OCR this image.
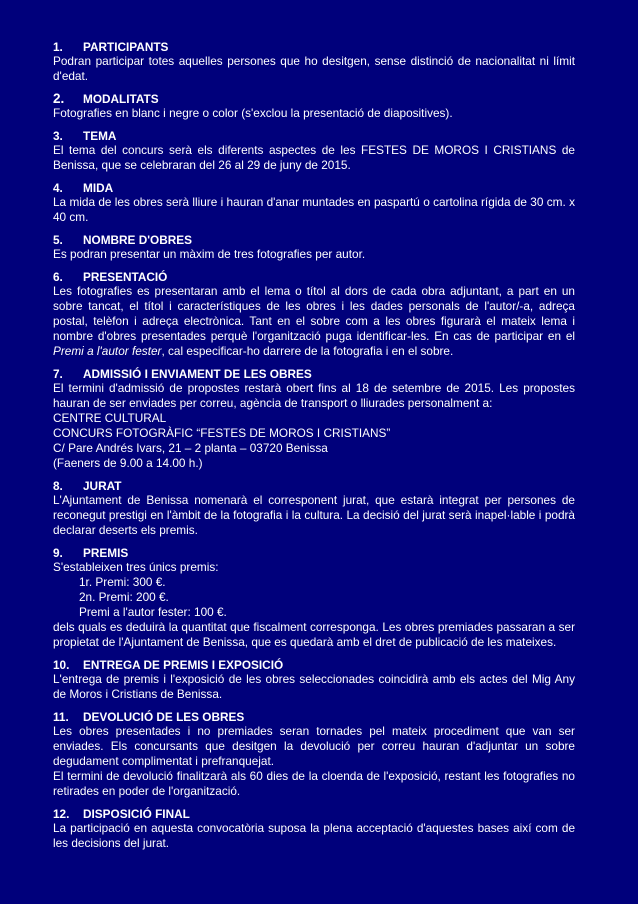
1.	PARTICIPANTS
Podran participar totes aquelles persones que ho desitgen, sense distinció de nacionalitat ni límit d'edat.
2.	MODALITATS
Fotografies en blanc i negre o color (s'exclou la presentació de diapositives).
3.	TEMA
El tema del concurs serà els diferents aspectes de les FESTES DE MOROS I CRISTIANS de Benissa, que se celebraran del 26 al 29 de juny de 2015.
4.	MIDA
La mida de les obres serà lliure i hauran d'anar muntades en paspartú o cartolina rígida de 30 cm. x 40 cm.
5.	NOMBRE D'OBRES
Es podran presentar un màxim de tres fotografies per autor.
6.	PRESENTACIÓ
Les fotografies es presentaran amb el lema o títol al dors de cada obra adjuntant, a part en un sobre tancat, el títol i característiques de les obres i les dades personals de l'autor/-a, adreça postal, telèfon i adreça electrònica. Tant en el sobre com a les obres figurarà el mateix lema i nombre d'obres presentades perquè l'organització puga identificar-les. En cas de participar en el Premi a l'autor fester, cal especificar-ho darrere de la fotografia i en el sobre.
7.	ADMISSIÓ I ENVIAMENT DE LES OBRES
El termini d'admissió de propostes restarà obert fins al 18 de setembre de 2015. Les propostes hauran de ser enviades per correu, agència de transport o lliurades personalment a:
CENTRE CULTURAL
CONCURS FOTOGRÀFIC “FESTES DE MOROS I CRISTIANS”
C/ Pare Andrés Ivars, 21 – 2 planta – 03720 Benissa
(Faeners de 9.00 a 14.00 h.)
8.	JURAT
L'Ajuntament de Benissa nomenarà el corresponent jurat, que estarà integrat per persones de reconegut prestigi en l'àmbit de la fotografia i la cultura. La decisió del jurat serà inapel·lable i podrà declarar deserts els premis.
9.	PREMIS
S'estableixen tres únics premis:
1r. Premi: 300 €.
2n. Premi: 200 €.
Premi a l'autor fester: 100 €.
dels quals es deduirà la quantitat que fiscalment corresponga. Les obres premiades passaran a ser propietat de l'Ajuntament de Benissa, que es quedarà amb el dret de publicació de les mateixes.
10.	ENTREGA DE PREMIS I EXPOSICIÓ
L'entrega de premis i l'exposició de les obres seleccionades coincidirà amb els actes del Mig Any de Moros i Cristians de Benissa.
11.	DEVOLUCIÓ DE LES OBRES
Les obres presentades i no premiades seran tornades pel mateix procediment que van ser enviades. Els concursants que desitgen la devolució per correu hauran d'adjuntar un sobre degudament complimentat i prefranquejat.
El termini de devolució finalitzarà als 60 dies de la cloenda de l'exposició, restant les fotografies no retirades en poder de l'organització.
12.	DISPOSICIÓ FINAL
La participació en aquesta convocatòria suposa la plena acceptació d'aquestes bases així com de les decisions del jurat.
